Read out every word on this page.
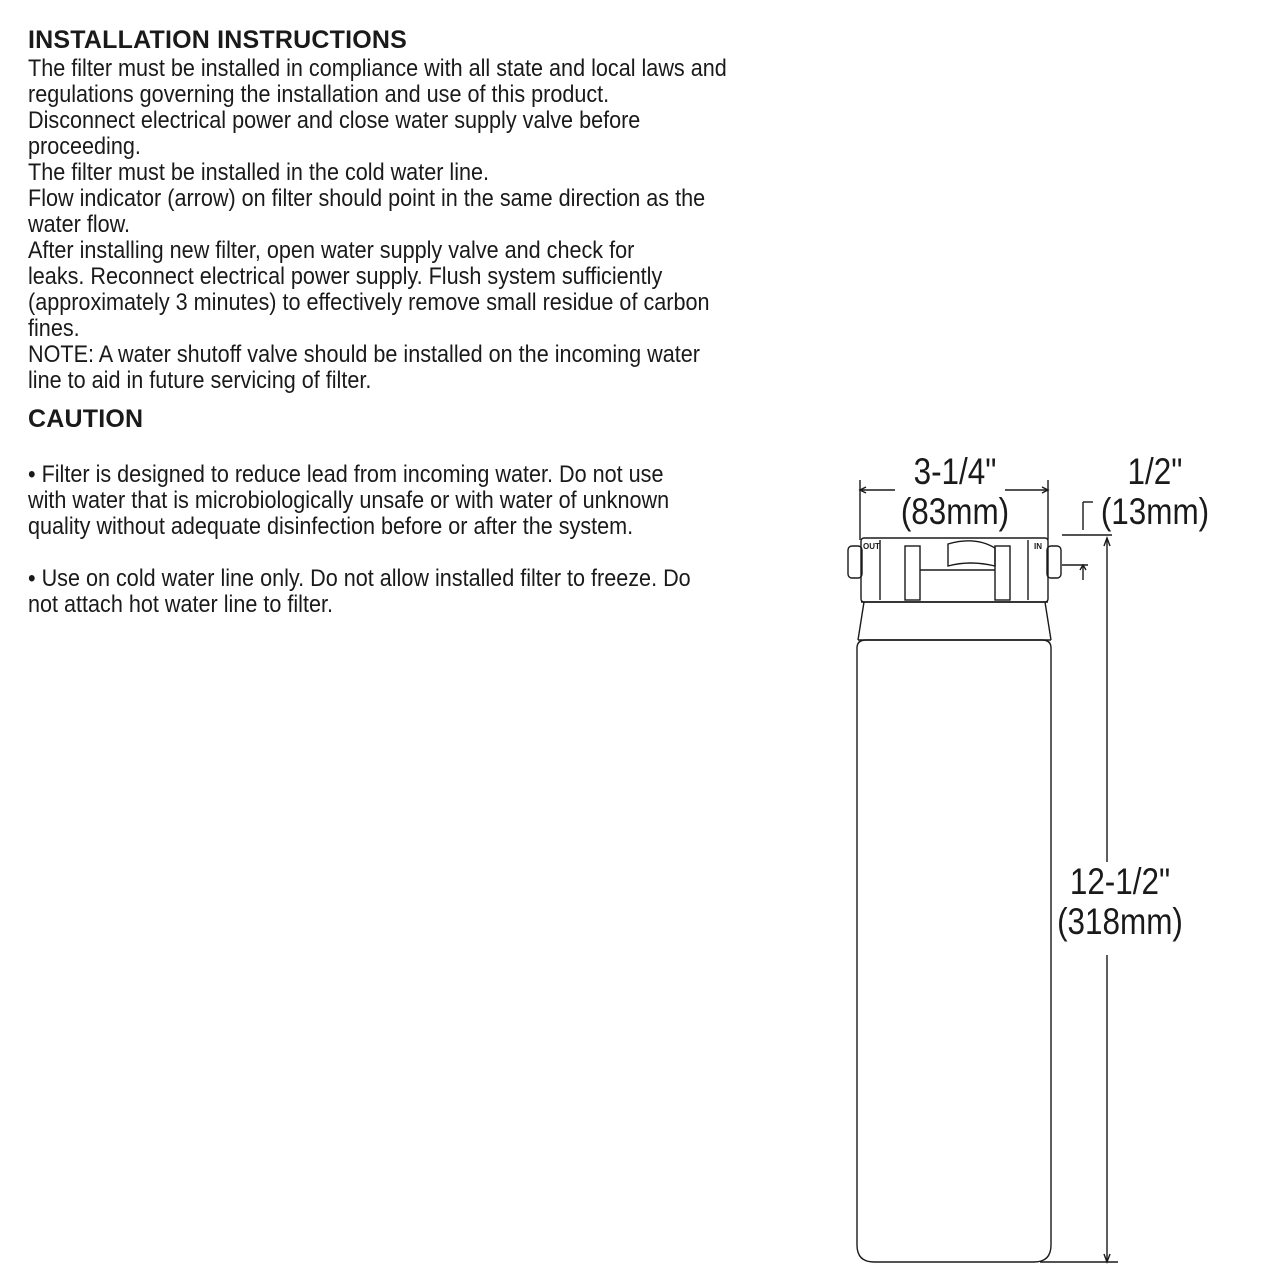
INSTALLATION INSTRUCTIONS
The filter must be installed in compliance with all state and local laws and
regulations governing the installation and use of this product.
Disconnect electrical power and close water supply valve before
proceeding.
The filter must be installed in the cold water line.
Flow indicator (arrow) on filter should point in the same direction as the
water flow.
After installing new filter, open water supply valve and check for
leaks. Reconnect electrical power supply. Flush system sufficiently
(approximately 3 minutes) to effectively remove small residue of carbon
fines.
NOTE: A water shutoff valve should be installed on the incoming water
line to aid in future servicing of filter.
CAUTION
• Filter is designed to reduce lead from incoming water. Do not use
with water that is microbiologically unsafe or with water of unknown
quality without adequate disinfection before or after the system.
• Use on cold water line only. Do not allow installed filter to freeze. Do
not attach hot water line to filter.
OUT	IN
3-1/4"
(83mm)
1/2"
(13mm)
12-1/2"
(318mm)
